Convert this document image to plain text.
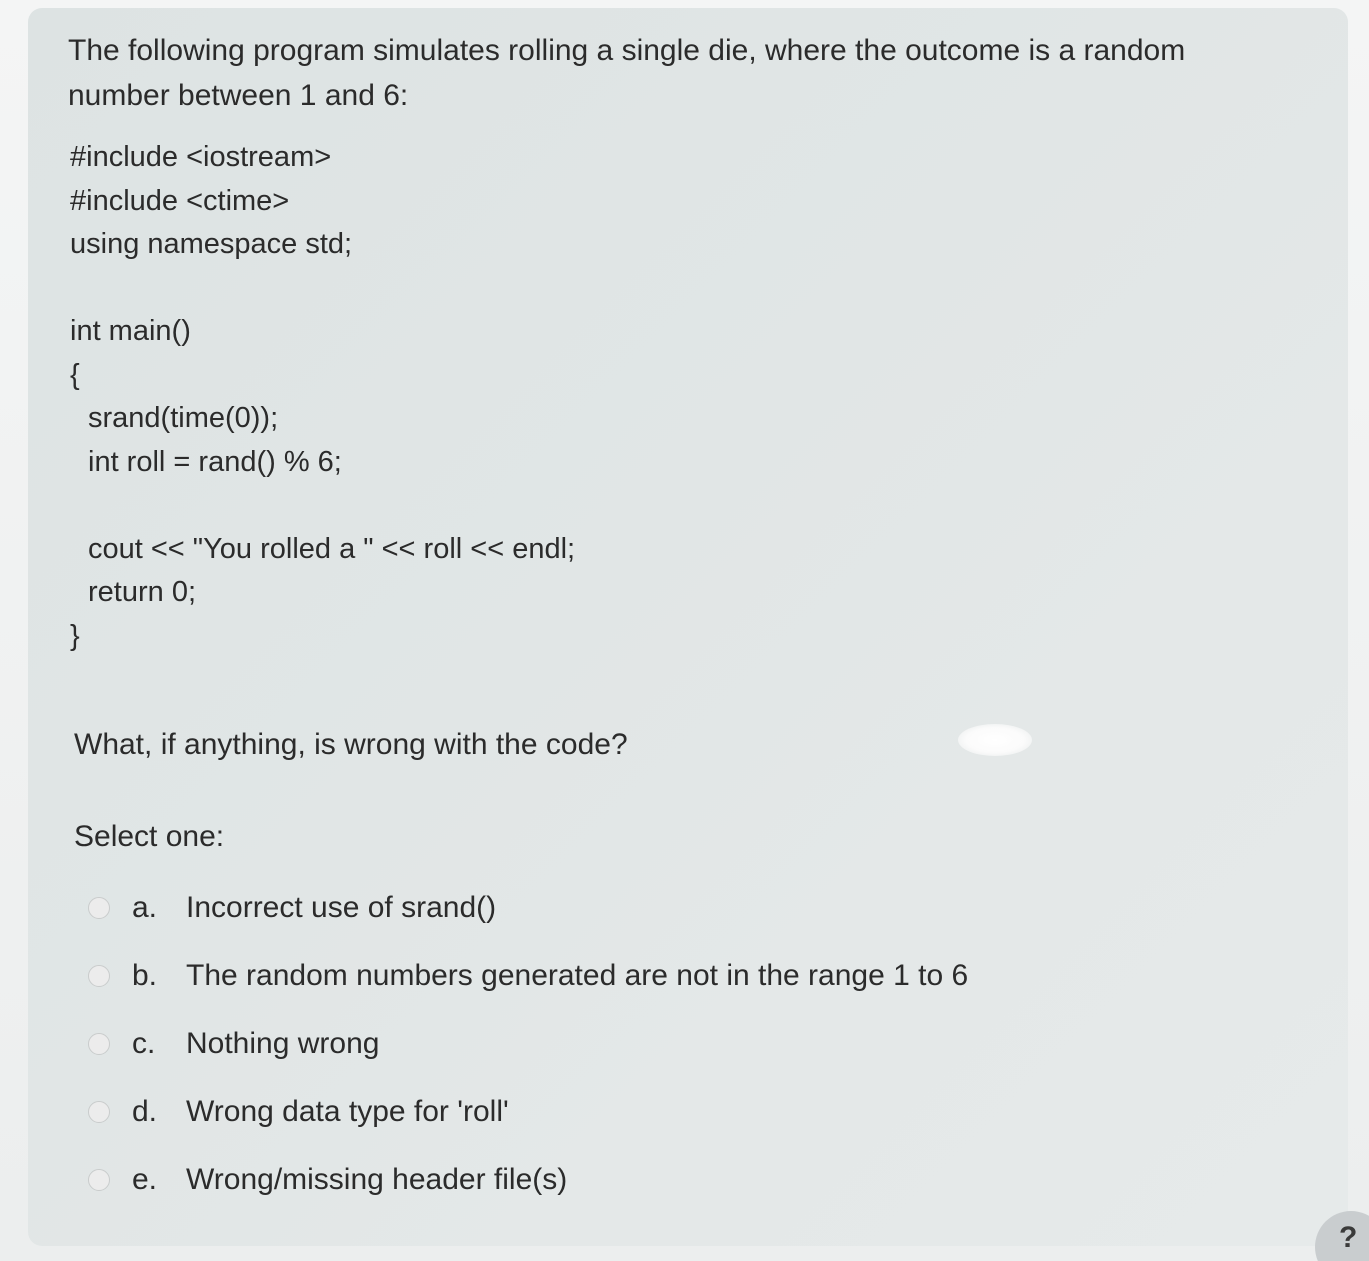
The following program simulates rolling a single die, where the outcome is a random number between 1 and 6:

#include <iostream>
#include <ctime>
using namespace std;
int main()
{
srand(time(0));
int roll = rand() % 6;
cout << "You rolled a " << roll << endl;
return 0;
}

What, if anything, is wrong with the code?

Select one:

a. Incorrect use of srand()
b. The random numbers generated are not in the range 1 to 6
c.	Nothing wrong
d. Wrong data type for 'roll'
e. Wrong/missing header file(s)
?
